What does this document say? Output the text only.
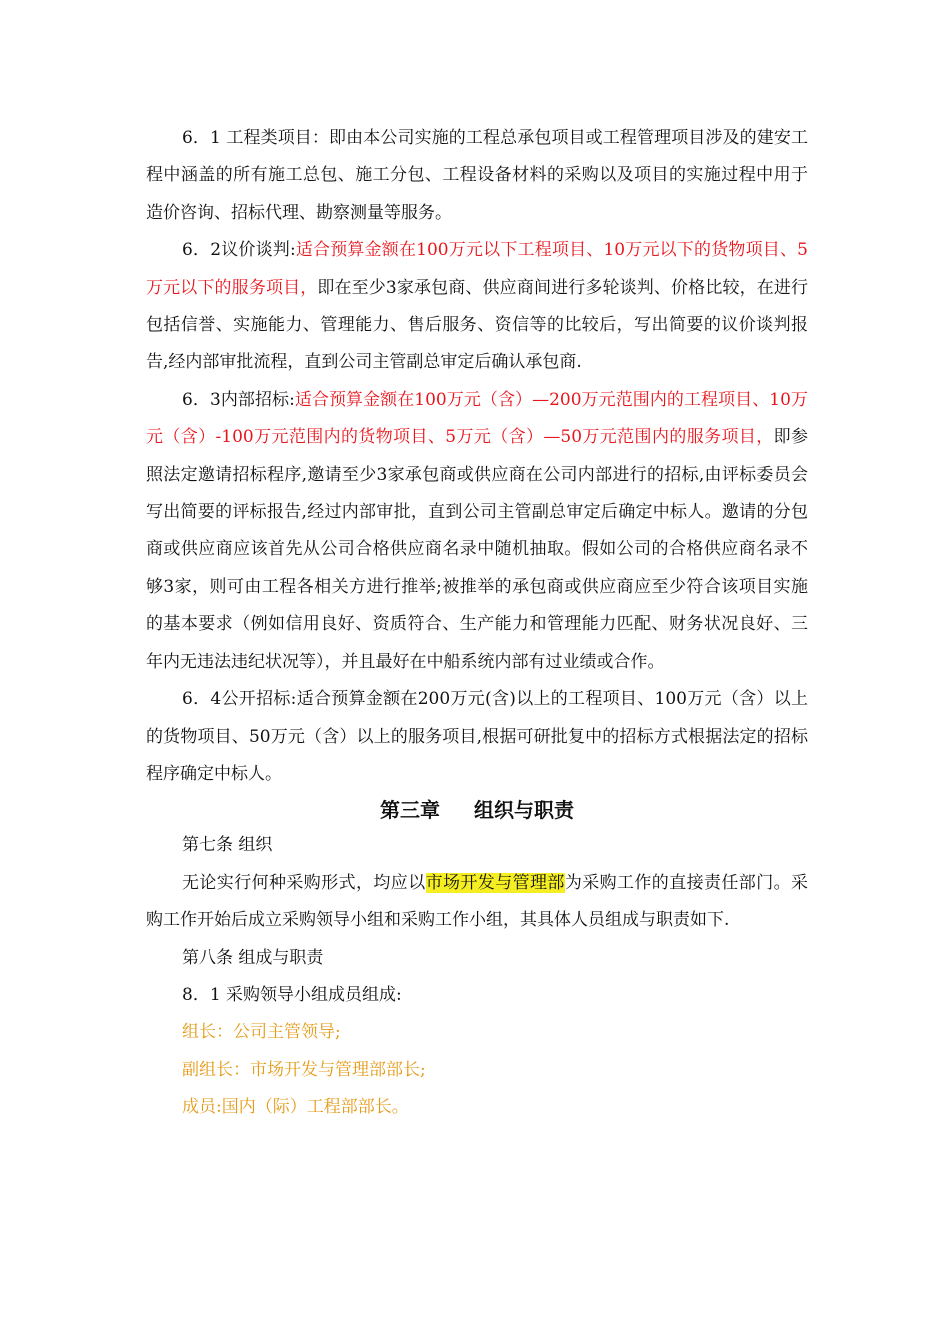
6．1 工程类项目：即由本公司实施的工程总承包项目或工程管理项目涉及的建安工程中涵盖的所有施工总包、施工分包、工程设备材料的采购以及项目的实施过程中用于造价咨询、招标代理、勘察测量等服务。

6．2议价谈判:适合预算金额在100万元以下工程项目、10万元以下的货物项目、5万元以下的服务项目，即在至少3家承包商、供应商间进行多轮谈判、价格比较，在进行包括信誉、实施能力、管理能力、售后服务、资信等的比较后，写出简要的议价谈判报告,经内部审批流程，直到公司主管副总审定后确认承包商.

6．3内部招标:适合预算金额在100万元（含）—200万元范围内的工程项目、10万元（含）-100万元范围内的货物项目、5万元（含）—50万元范围内的服务项目，即参照法定邀请招标程序,邀请至少3家承包商或供应商在公司内部进行的招标,由评标委员会写出简要的评标报告,经过内部审批，直到公司主管副总审定后确定中标人。邀请的分包商或供应商应该首先从公司合格供应商名录中随机抽取。假如公司的合格供应商名录不够3家，则可由工程各相关方进行推举;被推举的承包商或供应商应至少符合该项目实施的基本要求（例如信用良好、资质符合、生产能力和管理能力匹配、财务状况良好、三年内无违法违纪状况等），并且最好在中船系统内部有过业绩或合作。

6．4公开招标:适合预算金额在200万元(含)以上的工程项目、100万元（含）以上的货物项目、50万元（含）以上的服务项目,根据可研批复中的招标方式根据法定的招标程序确定中标人。

第三章 组织与职责

第七条 组织

无论实行何种采购形式，均应以市场开发与管理部为采购工作的直接责任部门。采购工作开始后成立采购领导小组和采购工作小组，其具体人员组成与职责如下.

第八条 组成与职责

8．1 采购领导小组成员组成:

组长：公司主管领导;

副组长：市场开发与管理部部长;

成员:国内（际）工程部部长。
